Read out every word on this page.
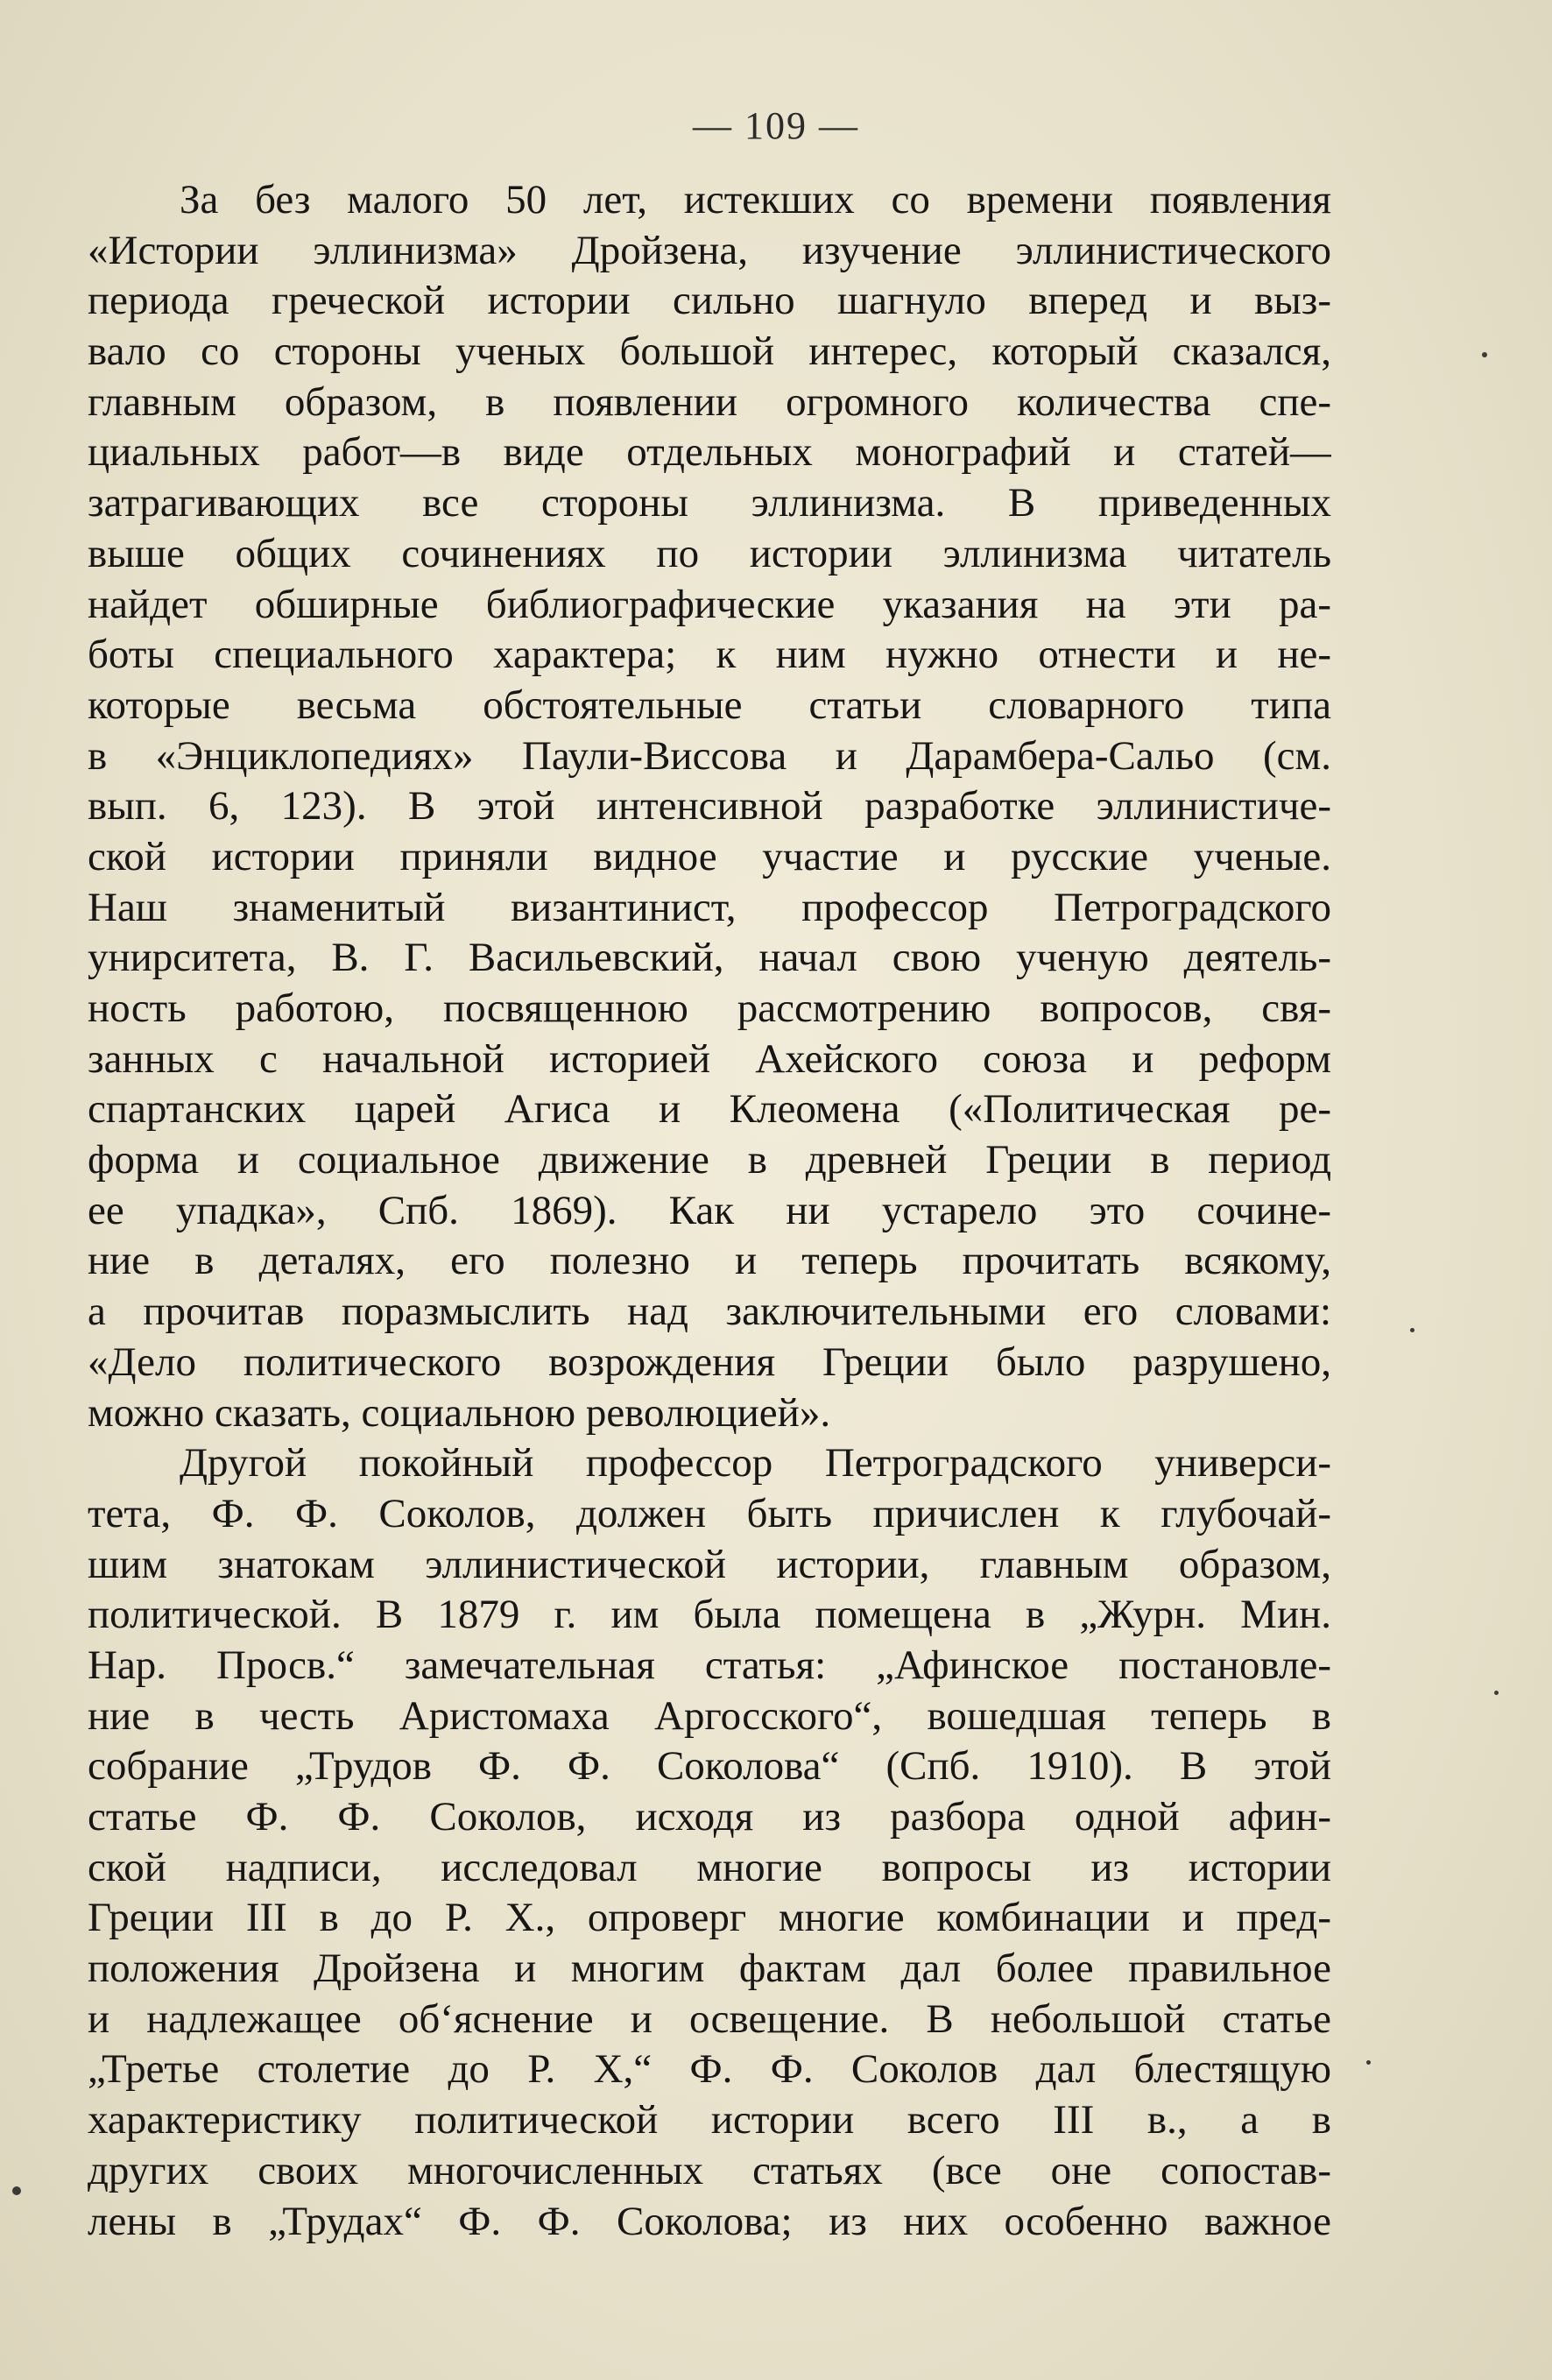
— 109 —
За без малого 50 лет, истекших со времени появления
«Истории эллинизма» Дройзена, изучение эллинистического
периода греческой истории сильно шагнуло вперед и выз-
вало со стороны ученых большой интерес, который сказался,
главным образом, в появлении огромного количества спе-
циальных работ—в виде отдельных монографий и статей—
затрагивающих все стороны эллинизма. В приведенных
выше общих сочинениях по истории эллинизма читатель
найдет обширные библиографические указания на эти ра-
боты специального характера; к ним нужно отнести и не-
которые весьма обстоятельные статьи словарного типа
в «Энциклопедиях» Паули-Виссова и Дарамбера-Сальо (см.
вып. 6, 123). В этой интенсивной разработке эллинистиче-
ской истории приняли видное участие и русские ученые.
Наш знаменитый византинист, профессор Петроградского
унирситета, В. Г. Васильевский, начал свою ученую деятель-
ность работою, посвященною рассмотрению вопросов, свя-
занных с начальной историей Ахейского союза и реформ
спартанских царей Агиса и Клеомена («Политическая ре-
форма и социальное движение в древней Греции в период
ее упадка», Спб. 1869). Как ни устарело это сочине-
ние в деталях, его полезно и теперь прочитать всякому,
а прочитав поразмыслить над заключительными его словами:
«Дело политического возрождения Греции было разрушено,
можно сказать, социальною революцией».
Другой покойный профессор Петроградского универси-
тета, Ф. Ф. Соколов, должен быть причислен к глубочай-
шим знатокам эллинистической истории, главным образом,
политической. В 1879 г. им была помещена в „Журн. Мин.
Нар. Просв.“ замечательная статья: „Афинское постановле-
ние в честь Аристомаха Аргосского“, вошедшая теперь в
собрание „Трудов Ф. Ф. Соколова“ (Спб. 1910). В этой
статье Ф. Ф. Соколов, исходя из разбора одной афин-
ской надписи, исследовал многие вопросы из истории
Греции III в до Р. Х., опроверг многие комбинации и пред-
положения Дройзена и многим фактам дал более правильное
и надлежащее об‘яснение и освещение. В небольшой статье
„Третье столетие до Р. Х,“ Ф. Ф. Соколов дал блестящую
характеристику политической истории всего III в., а в
других своих многочисленных статьях (все оне сопостав-
лены в „Трудах“ Ф. Ф. Соколова; из них особенно важное
